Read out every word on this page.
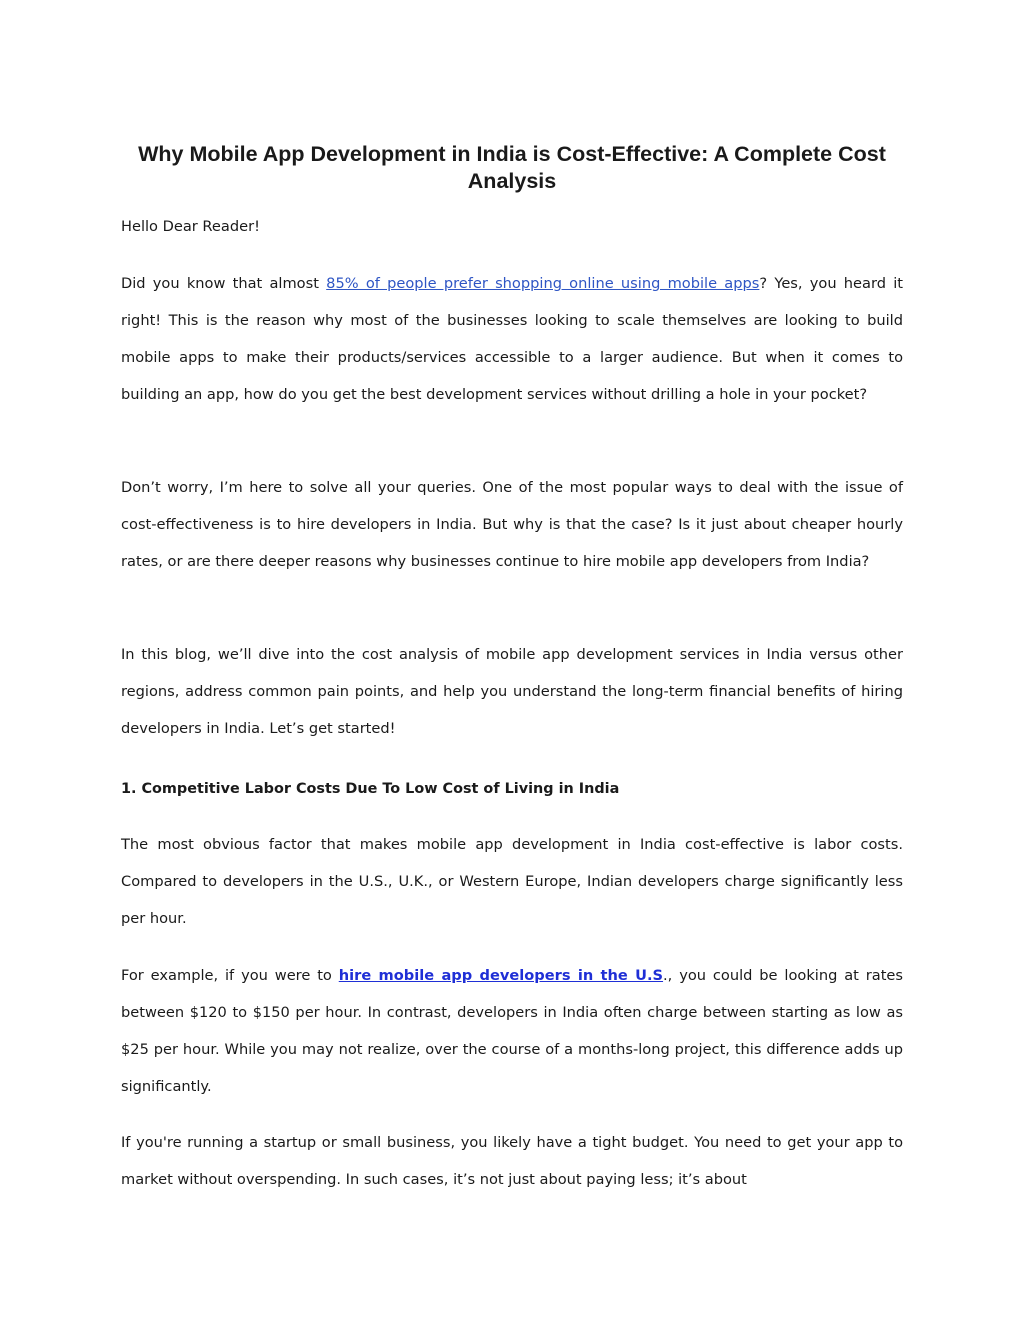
Why Mobile App Development in India is Cost-Effective: A Complete Cost Analysis

Hello Dear Reader!

Did you know that almost 85% of people prefer shopping online using mobile apps? Yes, you heard it right! This is the reason why most of the businesses looking to scale themselves are looking to build mobile apps to make their products/services accessible to a larger audience. But when it comes to building an app, how do you get the best development services without drilling a hole in your pocket?

Don’t worry, I’m here to solve all your queries. One of the most popular ways to deal with the issue of cost-effectiveness is to hire developers in India. But why is that the case? Is it just about cheaper hourly rates, or are there deeper reasons why businesses continue to hire mobile app developers from India?

In this blog, we’ll dive into the cost analysis of mobile app development services in India versus other regions, address common pain points, and help you understand the long-term financial benefits of hiring developers in India. Let’s get started!

1. Competitive Labor Costs Due To Low Cost of Living in India

The most obvious factor that makes mobile app development in India cost-effective is labor costs. Compared to developers in the U.S., U.K., or Western Europe, Indian developers charge significantly less per hour.

For example, if you were to hire mobile app developers in the U.S., you could be looking at rates between $120 to $150 per hour. In contrast, developers in India often charge between starting as low as $25 per hour. While you may not realize, over the course of a months-long project, this difference adds up significantly.

If you're running a startup or small business, you likely have a tight budget. You need to get your app to market without overspending. In such cases, it’s not just about paying less; it’s about
